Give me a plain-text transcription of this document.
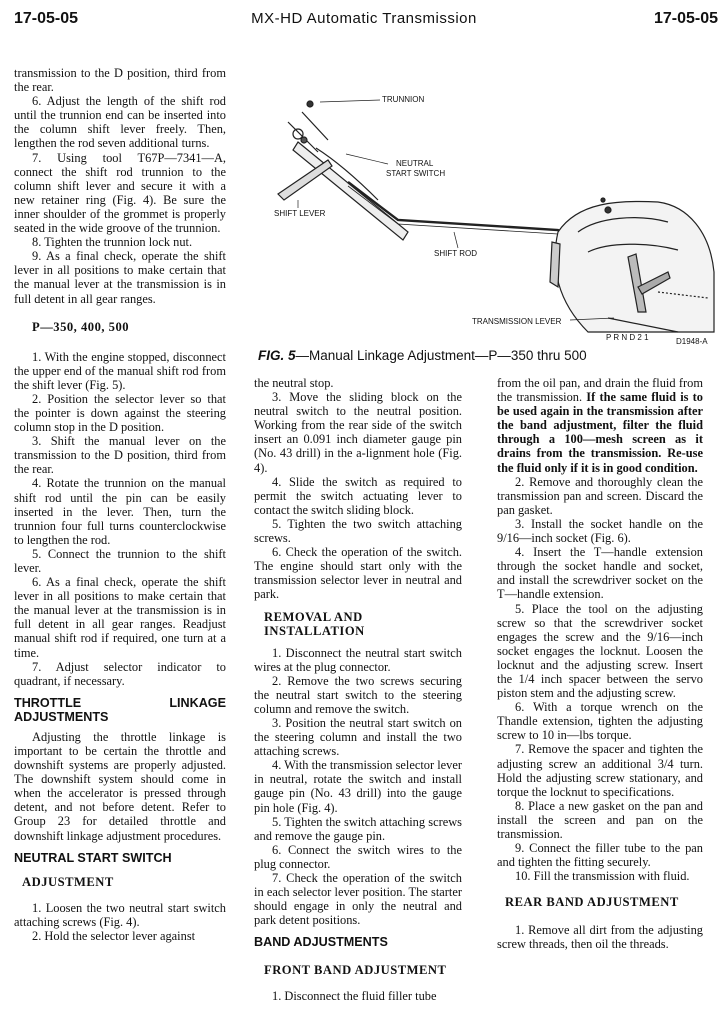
17-05-05	MX-HD Automatic Transmission	17-05-05
TRUNNION
NEUTRAL
START SWITCH
SHIFT LEVER
SHIFT ROD
TRANSMISSION LEVER
P R N D 2 1	D1948-A
FIG. 5—Manual Linkage Adjustment—P—350 thru 500

transmission to the D position, third from the rear.

6. Adjust the length of the shift rod until the trunnion end can be inserted into the column shift lever freely. Then, lengthen the rod seven additional turns.

7. Using tool T67P—7341—A, connect the shift rod trunnion to the column shift lever and secure it with a new retainer ring (Fig. 4). Be sure the inner shoulder of the grommet is properly seated in the wide groove of the trunnion.

8. Tighten the trunnion lock nut.

9. As a final check, operate the shift lever in all positions to make certain that the manual lever at the transmission is in full detent in all gear ranges.

P—350, 400, 500

1. With the engine stopped, disconnect the upper end of the manual shift rod from the shift lever (Fig. 5).

2. Position the selector lever so that the pointer is down against the steering column stop in the D position.

3. Shift the manual lever on the transmission to the D position, third from the rear.

4. Rotate the trunnion on the manual shift rod until the pin can be easily inserted in the lever. Then, turn the trunnion four full turns counterclockwise to lengthen the rod.

5. Connect the trunnion to the shift lever.

6. As a final check, operate the shift lever in all positions to make certain that the manual lever at the transmission is in full detent in all gear ranges. Readjust manual shift rod if required, one turn at a time.

7. Adjust selector indicator to quadrant, if necessary.

THROTTLE LINKAGE ADJUSTMENTS

Adjusting the throttle linkage is important to be certain the throttle and downshift systems are properly adjusted. The downshift system should come in when the accelerator is pressed through detent, and not before detent. Refer to Group 23 for detailed throttle and downshift linkage adjustment procedures.

NEUTRAL START SWITCH
ADJUSTMENT

1. Loosen the two neutral start switch attaching screws (Fig. 4).

2. Hold the selector lever against

the neutral stop.

3. Move the sliding block on the neutral switch to the neutral position. Working from the rear side of the switch insert an 0.091 inch diameter gauge pin (No. 43 drill) in the a-lignment hole (Fig. 4).

4. Slide the switch as required to permit the switch actuating lever to contact the switch sliding block.

5. Tighten the two switch attaching screws.

6. Check the operation of the switch. The engine should start only with the transmission selector lever in neutral and park.

REMOVAL AND INSTALLATION

1. Disconnect the neutral start switch wires at the plug connector.

2. Remove the two screws securing the neutral start switch to the steering column and remove the switch.

3. Position the neutral start switch on the steering column and install the two attaching screws.

4. With the transmission selector lever in neutral, rotate the switch and install gauge pin (No. 43 drill) into the gauge pin hole (Fig. 4).

5. Tighten the switch attaching screws and remove the gauge pin.

6. Connect the switch wires to the plug connector.

7. Check the operation of the switch in each selector lever position. The starter should engage in only the neutral and park detent positions.

BAND ADJUSTMENTS
FRONT BAND ADJUSTMENT

1. Disconnect the fluid filler tube

from the oil pan, and drain the fluid from the transmission. If the same fluid is to be used again in the transmission after the band adjustment, filter the fluid through a 100—mesh screen as it drains from the transmission. Re-use the fluid only if it is in good condition.

2. Remove and thoroughly clean the transmission pan and screen. Discard the pan gasket.

3. Install the socket handle on the 9/16—inch socket (Fig. 6).

4. Insert the T—handle extension through the socket handle and socket, and install the screwdriver socket on the T—handle extension.

5. Place the tool on the adjusting screw so that the screwdriver socket engages the screw and the 9/16—inch socket engages the locknut. Loosen the locknut and the adjusting screw. Insert the 1/4 inch spacer between the servo piston stem and the adjusting screw.

6. With a torque wrench on the Thandle extension, tighten the adjusting screw to 10 in—lbs torque.

7. Remove the spacer and tighten the adjusting screw an additional 3/4 turn. Hold the adjusting screw stationary, and torque the locknut to specifications.

8. Place a new gasket on the pan and install the screen and pan on the transmission.

9. Connect the filler tube to the pan and tighten the fitting securely.

10. Fill the transmission with fluid.

REAR BAND ADJUSTMENT

1. Remove all dirt from the adjusting screw threads, then oil the threads.
